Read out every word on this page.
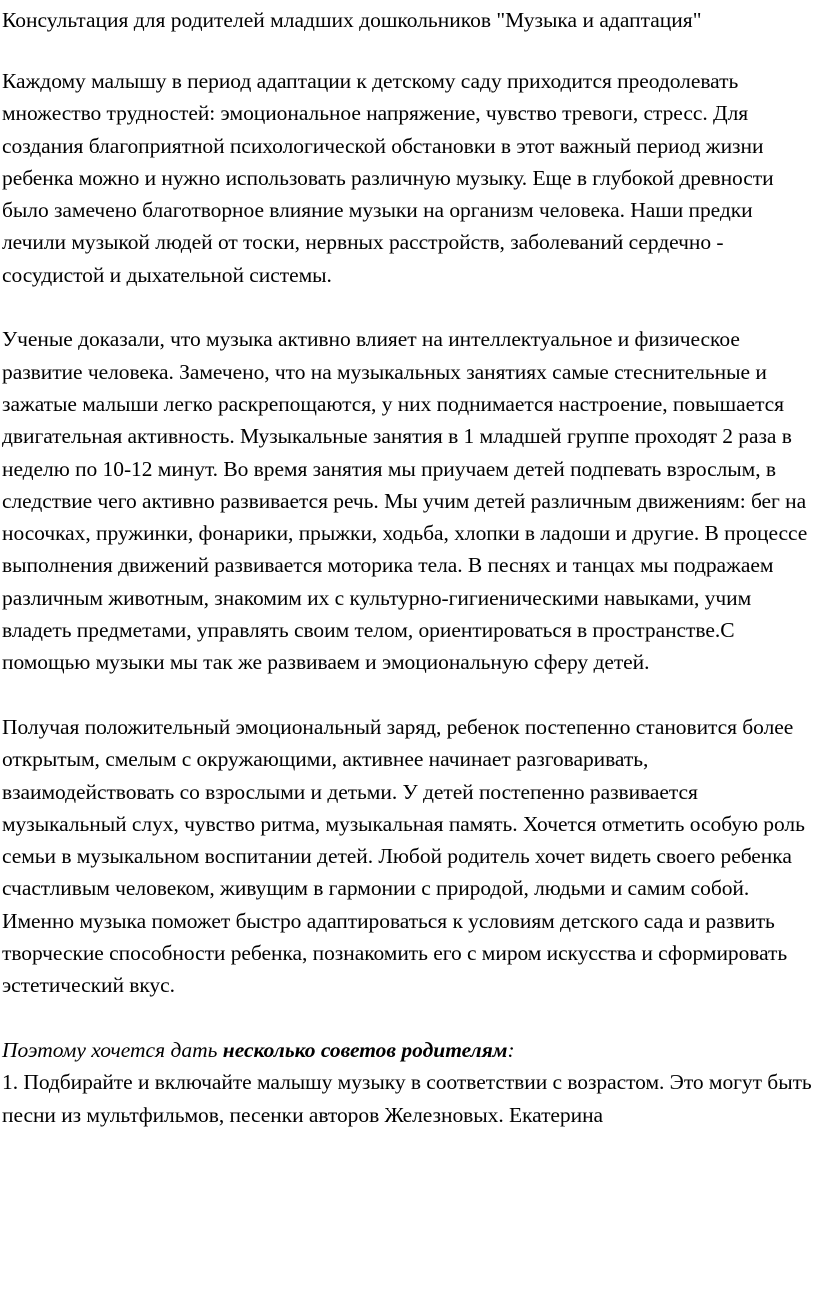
Консультация для родителей младших дошкольников "Музыка и адаптация"

Каждому малышу в период адаптации к детскому саду приходится преодолевать множество трудностей: эмоциональное напряжение, чувство тревоги, стресс. Для создания благоприятной психологической обстановки в этот важный период жизни ребенка можно и нужно использовать различную музыку. Еще в глубокой древности было замечено благотворное влияние музыки на организм человека. Наши предки лечили музыкой людей от тоски, нервных расстройств, заболеваний сердечно - сосудистой и дыхательной системы.

Ученые доказали, что музыка активно влияет на интеллектуальное и физическое развитие человека. Замечено, что на музыкальных занятиях самые стеснительные и зажатые малыши легко раскрепощаются, у них поднимается настроение, повышается двигательная активность. Музыкальные занятия в 1 младшей группе проходят 2 раза в неделю по 10-12 минут. Во время занятия мы приучаем детей подпевать взрослым, в следствие чего активно развивается речь. Мы учим детей различным движениям: бег на носочках, пружинки, фонарики, прыжки, ходьба, хлопки в ладоши и другие. В процессе выполнения движений развивается моторика тела. В песнях и танцах мы подражаем различным животным, знакомим их с культурно-гигиеническими навыками, учим владеть предметами, управлять своим телом, ориентироваться в пространстве.С помощью музыки мы так же развиваем и эмоциональную сферу детей.

Получая положительный эмоциональный заряд, ребенок постепенно становится более открытым, смелым с окружающими, активнее начинает разговаривать, взаимодействовать со взрослыми и детьми. У детей постепенно развивается музыкальный слух, чувство ритма, музыкальная память. Хочется отметить особую роль семьи в музыкальном воспитании детей. Любой родитель хочет видеть своего ребенка счастливым человеком, живущим в гармонии с природой, людьми и самим собой. Именно музыка поможет быстро адаптироваться к условиям детского сада и развить творческие способности ребенка, познакомить его с миром искусства и сформировать эстетический вкус.

Поэтому хочется дать несколько советов родителям:

1. Подбирайте и включайте малышу музыку в соответствии с возрастом. Это могут быть песни из мультфильмов, песенки авторов Железновых. Екатерина
